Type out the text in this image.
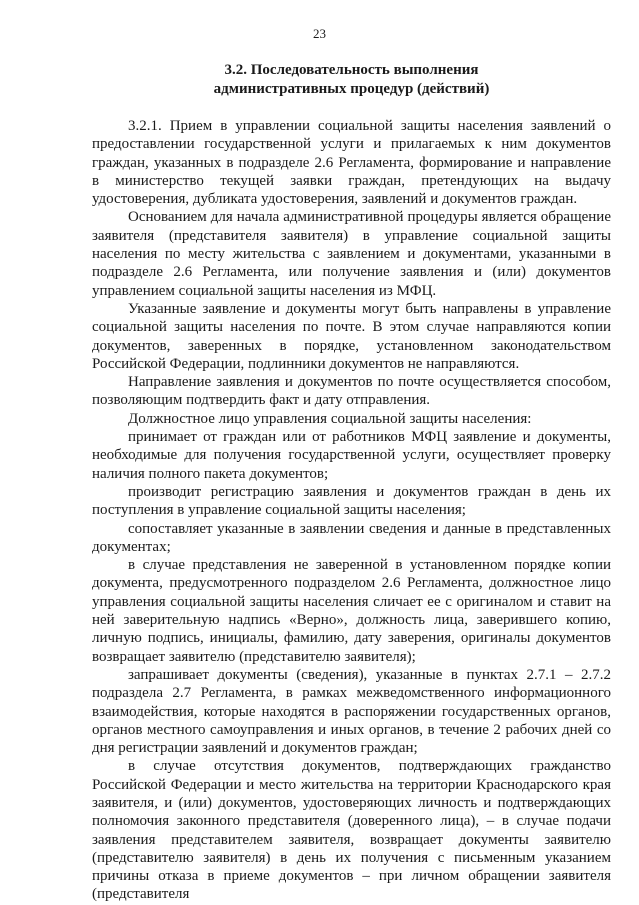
23
3.2. Последовательность выполнения
административных процедур (действий)

3.2.1. Прием в управлении социальной защиты населения заявлений о предоставлении государственной услуги и прилагаемых к ним документов граждан, указанных в подразделе 2.6 Регламента, формирование и направление в министерство текущей заявки граждан, претендующих на выдачу удостоверения, дубликата удостоверения, заявлений и документов граждан.

Основанием для начала административной процедуры является обращение заявителя (представителя заявителя) в управление социальной защиты населения по месту жительства с заявлением и документами, указанными в подразделе 2.6 Регламента, или получение заявления и (или) документов управлением социальной защиты населения из МФЦ.

Указанные заявление и документы могут быть направлены в управление социальной защиты населения по почте. В этом случае направляются копии документов, заверенных в порядке, установленном законодательством Российской Федерации, подлинники документов не направляются.

Направление заявления и документов по почте осуществляется способом, позволяющим подтвердить факт и дату отправления.

Должностное лицо управления социальной защиты населения:

принимает от граждан или от работников МФЦ заявление и документы, необходимые для получения государственной услуги, осуществляет проверку наличия полного пакета документов;

производит регистрацию заявления и документов граждан в день их поступления в управление социальной защиты населения;

сопоставляет указанные в заявлении сведения и данные в представленных документах;

в случае представления не заверенной в установленном порядке копии документа, предусмотренного подразделом 2.6 Регламента, должностное лицо управления социальной защиты населения сличает ее с оригиналом и ставит на ней заверительную надпись «Верно», должность лица, заверившего копию, личную подпись, инициалы, фамилию, дату заверения, оригиналы документов возвращает заявителю (представителю заявителя);

запрашивает документы (сведения), указанные в пунктах 2.7.1 – 2.7.2 подраздела 2.7 Регламента, в рамках межведомственного информационного взаимодействия, которые находятся в распоряжении государственных органов, органов местного самоуправления и иных органов, в течение 2 рабочих дней со дня регистрации заявлений и документов граждан;

в случае отсутствия документов, подтверждающих гражданство Российской Федерации и место жительства на территории Краснодарского края заявителя, и (или) документов, удостоверяющих личность и подтверждающих полномочия законного представителя (доверенного лица), – в случае подачи заявления представителем заявителя, возвращает документы заявителю (представителю заявителя) в день их получения с письменным указанием причины отказа в приеме документов – при личном обращении заявителя (представителя
